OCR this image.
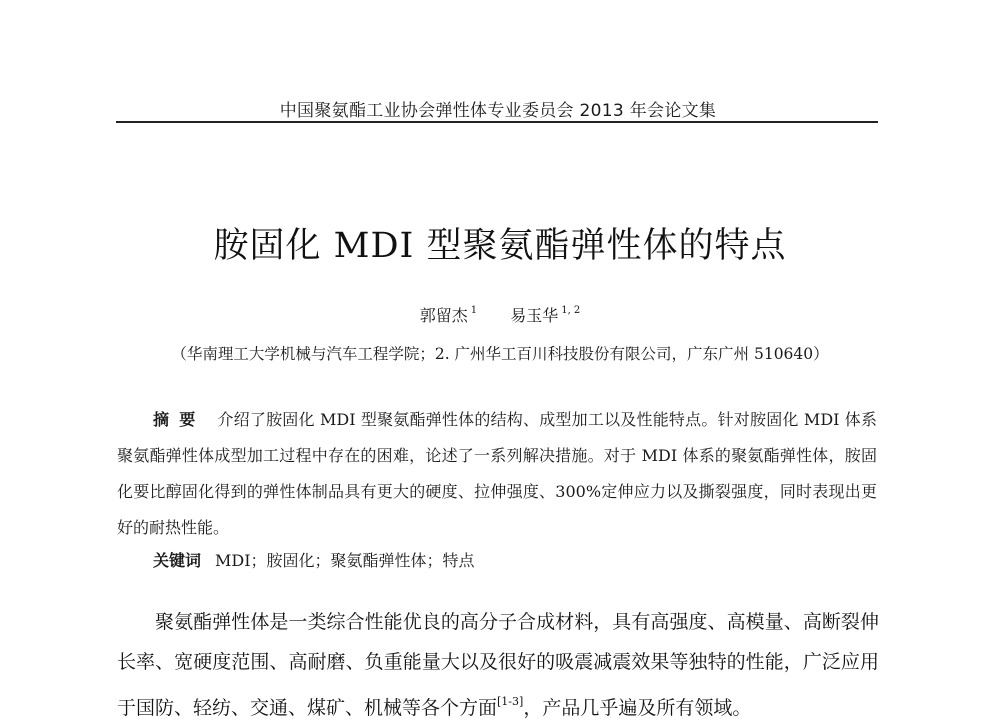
中国聚氨酯工业协会弹性体专业委员会 2013 年会论文集
胺固化 MDI 型聚氨酯弹性体的特点
郭留杰 $^1$ 易玉华 $^{1, 2}$
（华南理工大学机械与汽车工程学院；2. 广州华工百川科技股份有限公司，广东广州 510640）
摘要 介绍了胺固化 MDI 型聚氨酯弹性体的结构、成型加工以及性能特点。针对胺固化 MDI 体系聚氨酯弹性体成型加工过程中存在的困难，论述了一系列解决措施。对于 MDI 体系的聚氨酯弹性体，胺固化要比醇固化得到的弹性体制品具有更大的硬度、拉伸强度、300%定伸应力以及撕裂强度，同时表现出更好的耐热性能。
关键词 MDI；胺固化；聚氨酯弹性体；特点
聚氨酯弹性体是一类综合性能优良的高分子合成材料，具有高强度、高模量、高断裂伸长率、宽硬度范围、高耐磨、负重能量大以及很好的吸震减震效果等独特的性能，广泛应用于国防、轻纺、交通、煤矿、机械等各个方面[1-3]，产品几乎遍及所有领域。
